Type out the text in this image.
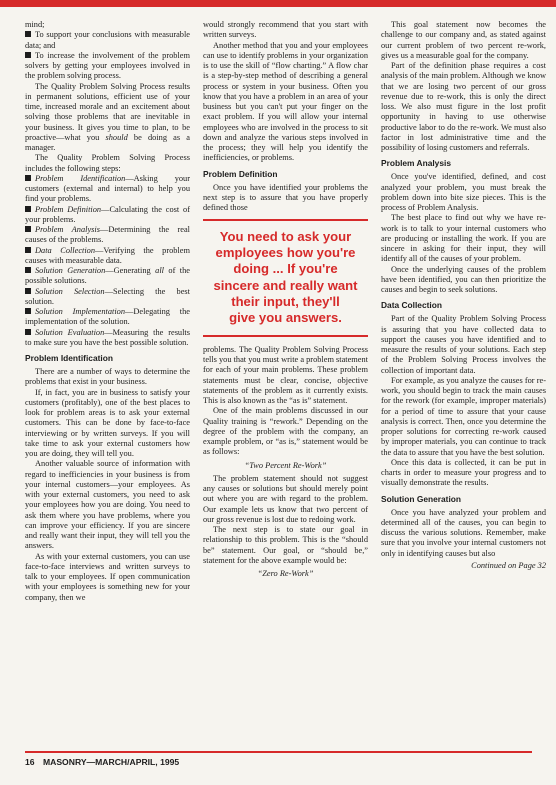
mind;

To support your conclusions with measurable data; and

To increase the involvement of the problem solvers by getting your employees involved in the problem solving process.

The Quality Problem Solving Process results in permanent solutions, efficient use of your time, increased morale and an excitement about solving those problems that are inevitable in your business. It gives you time to plan, to be proactive—what you should be doing as a manager.

The Quality Problem Solving Process includes the following steps:

Problem Identification—Asking your customers (external and internal) to help you find your problems.

Problem Definition—Calculating the cost of your problems.

Problem Analysis—Determining the real causes of the problems.

Data Collection—Verifying the problem causes with measurable data.

Solution Generation—Generating all of the possible solutions.

Solution Selection—Selecting the best solution.

Solution Implementation—Delegating the implementation of the solution.

Solution Evaluation—Measuring the results to make sure you have the best possible solution.

Problem Identification

There are a number of ways to determine the problems that exist in your business.

If, in fact, you are in business to satisfy your customers (profitably), one of the best places to look for problem areas is to ask your external customers. This can be done by face-to-face interviewing or by written surveys. If you will take time to ask your external customers how you are doing, they will tell you.

Another valuable source of information with regard to inefficiencies in your business is from your internal customers—your employees. As with your external customers, you need to ask your employees how you are doing. You need to ask them where you have problems, where you can improve your efficiency. If you are sincere and really want their input, they will tell you the answers.

As with your external customers, you can use face-to-face interviews and written surveys to talk to your employees. If open communication with your employees is something new for your company, then we

would strongly recommend that you start with written surveys.

Another method that you and your employees can use to identify problems in your organization is to use the skill of “flow charting.” A flow char is a step-by-step method of describing a general process or system in your business. Often you know that you have a problem in an area of your business but you can't put your finger on the exact problem. If you will allow your internal employees who are involved in the process to sit down and analyze the various steps involved in the process; they will help you identify the inefficiencies, or problems.

Problem Definition

Once you have identified your problems the next step is to assure that you have properly defined those

You need to ask your
employees how you're
doing ... If you're
sincere and really want
their input, they'll
give you answers.

problems. The Quality Problem Solving Process tells you that you must write a problem statement for each of your main problems. These problem statements must be clear, concise, objective statements of the problem as it currently exists. This is also known as the “as is” statement.

One of the main problems discussed in our Quality training is “rework.” Depending on the degree of the problem with the company, an example problem, or “as is,” statement would be as follows:

“Two Percent Re-Work”

The problem statement should not suggest any causes or solutions but should merely point out where you are with regard to the problem. Our example lets us know that two percent of our gross revenue is lost due to redoing work.

The next step is to state our goal in relationship to this problem. This is the “should be” statement. Our goal, or “should be,” statement for the above example would be:

“Zero Re-Work”

This goal statement now becomes the challenge to our company and, as stated against our current problem of two percent re-work, gives us a measurable goal for the company.

Part of the definition phase requires a cost analysis of the main problem. Although we know that we are losing two percent of our gross revenue due to re-work, this is only the direct loss. We also must figure in the lost profit opportunity in having to use otherwise productive labor to do the re-work. We must also factor in lost administrative time and the possibility of losing customers and referrals.

Problem Analysis

Once you've identified, defined, and cost analyzed your problem, you must break the problem down into bite size pieces. This is the process of Problem Analysis.

The best place to find out why we have re-work is to talk to your internal customers who are producing or installing the work. If you are sincere in asking for their input, they will identify all of the causes of your problem.

Once the underlying causes of the problem have been identified, you can then prioritize the causes and begin to seek solutions.

Data Collection

Part of the Quality Problem Solving Process is assuring that you have collected data to support the causes you have identified and to measure the results of your solutions. Each step of the Problem Solving Process involves the collection of important data.

For example, as you analyze the causes for re-work, you should begin to track the main causes for the rework (for example, improper materials) for a period of time to assure that your cause analysis is correct. Then, once you determine the proper solutions for correcting re-work caused by improper materials, you can continue to track the data to assure that you have the best solution.

Once this data is collected, it can be put in charts in order to measure your progress and to visually demonstrate the results.

Solution Generation

Once you have analyzed your problem and determined all of the causes, you can begin to discuss the various solutions. Remember, make sure that you involve your internal customers not only in identifying causes but also

Continued on Page 32

16 MASONRY—MARCH/APRIL, 1995
